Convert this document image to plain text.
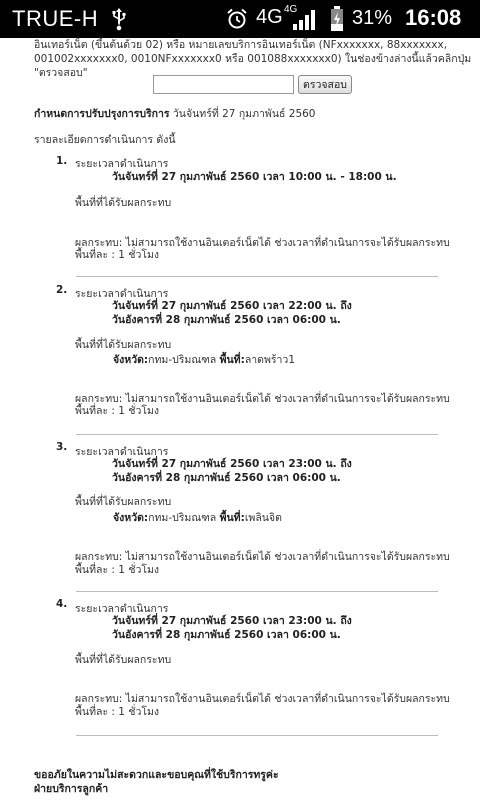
TRUE-H	4G 4G	31% 16:08
อินเทอร์เน็ต (ขึ้นต้นด้วย 02) หรือ หมายเลขบริการอินเทอร์เน็ต (NFxxxxxxx, 88xxxxxxx,
001002xxxxxxx0, 0010NFxxxxxxx0 หรือ 001088xxxxxxx0) ในช่องข้างล่างนี้แล้วคลิกปุ่ม "ตรวจสอบ"
ตรวจสอบ
กำหนดการปรับปรุงการบริการ วันจันทร์ที่ 27 กุมภาพันธ์ 2560
รายละเอียดการดำเนินการ ดังนี้
1. ระยะเวลาดำเนินการ
วันจันทร์ที่ 27 กุมภาพันธ์ 2560 เวลา 10:00 น. - 18:00 น.
พื้นที่ที่ได้รับผลกระทบ
ผลกระทบ: ไม่สามารถใช้งานอินเตอร์เน็ตได้ ช่วงเวลาที่ดำเนินการจะได้รับผลกระทบ
พื้นที่ละ : 1 ชั่วโมง
2. ระยะเวลาดำเนินการ
วันจันทร์ที่ 27 กุมภาพันธ์ 2560 เวลา 22:00 น. ถึง
วันอังคารที่ 28 กุมภาพันธ์ 2560 เวลา 06:00 น.
พื้นที่ที่ได้รับผลกระทบ
จังหวัด:กทม-ปริมณฑล พื้นที่:ลาดพร้าว1
ผลกระทบ: ไม่สามารถใช้งานอินเตอร์เน็ตได้ ช่วงเวลาที่ดำเนินการจะได้รับผลกระทบ
พื้นที่ละ : 1 ชั่วโมง
3. ระยะเวลาดำเนินการ
วันจันทร์ที่ 27 กุมภาพันธ์ 2560 เวลา 23:00 น. ถึง
วันอังคารที่ 28 กุมภาพันธ์ 2560 เวลา 06:00 น.
พื้นที่ที่ได้รับผลกระทบ
จังหวัด:กทม-ปริมณฑล พื้นที่:เพลินจิต
ผลกระทบ: ไม่สามารถใช้งานอินเตอร์เน็ตได้ ช่วงเวลาที่ดำเนินการจะได้รับผลกระทบ
พื้นที่ละ : 1 ชั่วโมง
4. ระยะเวลาดำเนินการ
วันจันทร์ที่ 27 กุมภาพันธ์ 2560 เวลา 23:00 น. ถึง
วันอังคารที่ 28 กุมภาพันธ์ 2560 เวลา 06:00 น.
พื้นที่ที่ได้รับผลกระทบ
ผลกระทบ: ไม่สามารถใช้งานอินเตอร์เน็ตได้ ช่วงเวลาที่ดำเนินการจะได้รับผลกระทบ
พื้นที่ละ : 1 ชั่วโมง
ขออภัยในความไม่สะดวกและขอบคุณที่ใช้บริการทรูค่ะ
ฝ่ายบริการลูกค้า
